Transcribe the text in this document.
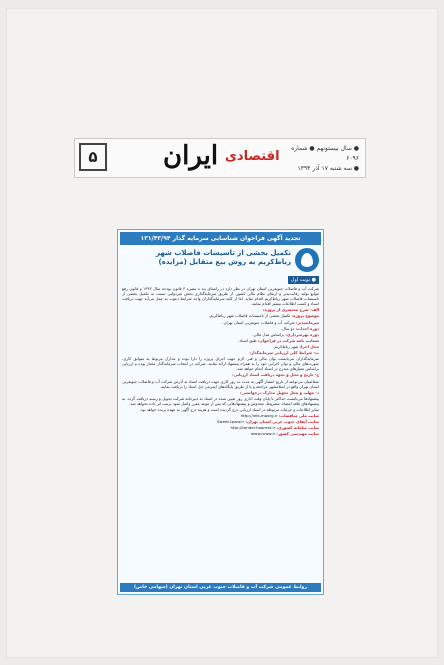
۵	ایران اقتصادی
● سال بیستونهم ● شماره ۶۰۹۶
● سه شنبه ۱۷ آذر ۱۳۹۴
تجدید آگهی فراخوان شناسایی سرمایه گذار ۱۳۱/۴۳/۹۴
تکمیل بخشی از تاسیسات فاضلاب شهر رباط‌کریم به روش بیع متقابل (مزایده)
● نوبت اول

شرکت آب و فاضلاب جنوبغربی استان تهران در نظر دارد در راستای بند ه تبصره ۳ قانون بودجه سال ۱۳۹۳ و قانون رفع موانع تولید رقابت‌پذیر و ارتقای نظام مالی کشور، از طریق سرمایه‌گذاری بخش غیردولتی نسبت به تکمیل بخشی از تاسیسات فاضلاب شهر رباط‌کریم اقدام نماید. لذا از کلیه سرمایه‌گذاران واجد شرایط دعوت به عمل می‌آید جهت دریافت اسناد و کسب اطلاعات بیشتر اقدام نمایند.

الف- شرح مختصری از پروژه:

موضوع پروژه: تکمیل بخشی از تاسیسات فاضلاب شهر رباط‌کریم.

سرمایه‌پذیر: شرکت آب و فاضلاب جنوبغربی استان تهران.

دوره احداث: دو سال.

دوره بهره‌برداری: براساس مدل مالی.

ضمانت نامه شرکت در فراخوان: طبق اسناد.

محل اجرا: شهر رباط‌کریم.

ب- شرایط کلی ارزیابی سرمایه‌گذار:

سرمایه‌گذاران می‌بایست توان مالی و فنی لازم جهت اجرای پروژه را دارا بوده و مدارک مربوط به سوابق کاری، صورت‌های مالی و توان اجرایی خود را به همراه پیشنهاد ارائه نمایند. شرکت در انتخاب سرمایه‌گذار مختار بوده و ارزیابی براساس معیارهای مندرج در اسناد انجام خواهد شد.

ج- تاریخ و محل و نحوه دریافت اسناد ارزیابی:

متقاضیان می‌توانند از تاریخ انتشار آگهی به مدت ده روز کاری جهت دریافت اسناد به آدرس شرکت آب و فاضلاب جنوبغربی استان تهران واقع در اسلامشهر مراجعه و یا از طریق پایگاه‌های اینترنتی ذیل اسناد را دریافت نمایند.

د- مهلت و محل تحویل مدارک درخواستی:

پیشنهادها می‌بایست حداکثر تا پایان وقت اداری روز تعیین شده در اسناد به دبیرخانه شرکت تحویل و رسید دریافت گردد. به پیشنهادهای فاقد امضاء، مشروط، مخدوش و پیشنهادهایی که پس از موعد مقرر واصل شود ترتیب اثر داده نخواهد شد.

سایر اطلاعات و جزئیات مربوطه در اسناد ارزیابی درج گردیده است و هزینه درج آگهی به عهده برنده خواهد بود.

سایت ملی مناقصات: http://iets.mporg.ir

سایت آبفای جنوب غربی استان تهران: Sweet.tpww.ir

سایت سامانه کشوری: http://tender.haarnet.ir

سایت مهندسی کشور: www.mww.ir

روابط عمومی شرکت آب و فاضلاب جنوب غربی استان تهران (سهامی خاص)
